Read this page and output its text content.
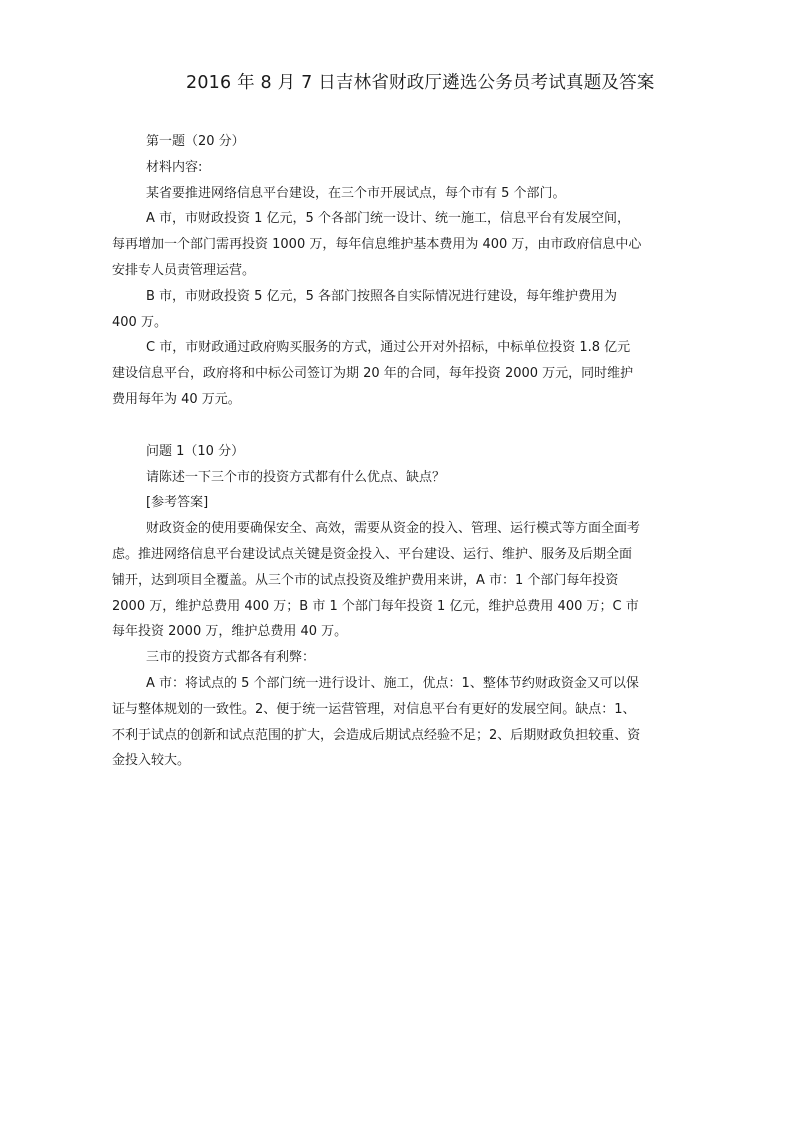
2016 年 8 月 7 日吉林省财政厅遴选公务员考试真题及答案

第一题（20 分）

材料内容:

某省要推进网络信息平台建设，在三个市开展试点，每个市有 5 个部门。

A 市，市财政投资 1 亿元，5 个各部门统一设计、统一施工，信息平台有发展空间，每再增加一个部门需再投资 1000 万，每年信息维护基本费用为 400 万，由市政府信息中心安排专人员责管理运营。

B 市，市财政投资 5 亿元，5 各部门按照各自实际情况进行建设，每年维护费用为 400 万。

C 市，市财政通过政府购买服务的方式，通过公开对外招标，中标单位投资 1.8 亿元建设信息平台，政府将和中标公司签订为期 20 年的合同，每年投资 2000 万元，同时维护费用每年为 40 万元。

问题 1（10 分）

请陈述一下三个市的投资方式都有什么优点、缺点？

[参考答案]

财政资金的使用要确保安全、高效，需要从资金的投入、管理、运行模式等方面全面考虑。推进网络信息平台建设试点关键是资金投入、平台建设、运行、维护、服务及后期全面铺开，达到项目全覆盖。从三个市的试点投资及维护费用来讲，A 市：1 个部门每年投资 2000 万，维护总费用 400 万；B 市 1 个部门每年投资 1 亿元，维护总费用 400 万；C 市每年投资 2000 万，维护总费用 40 万。

三市的投资方式都各有利弊：

A 市：将试点的 5 个部门统一进行设计、施工，优点：1、整体节约财政资金又可以保证与整体规划的一致性。2、便于统一运营管理，对信息平台有更好的发展空间。缺点：1、不利于试点的创新和试点范围的扩大，会造成后期试点经验不足；2、后期财政负担较重、资金投入较大。
